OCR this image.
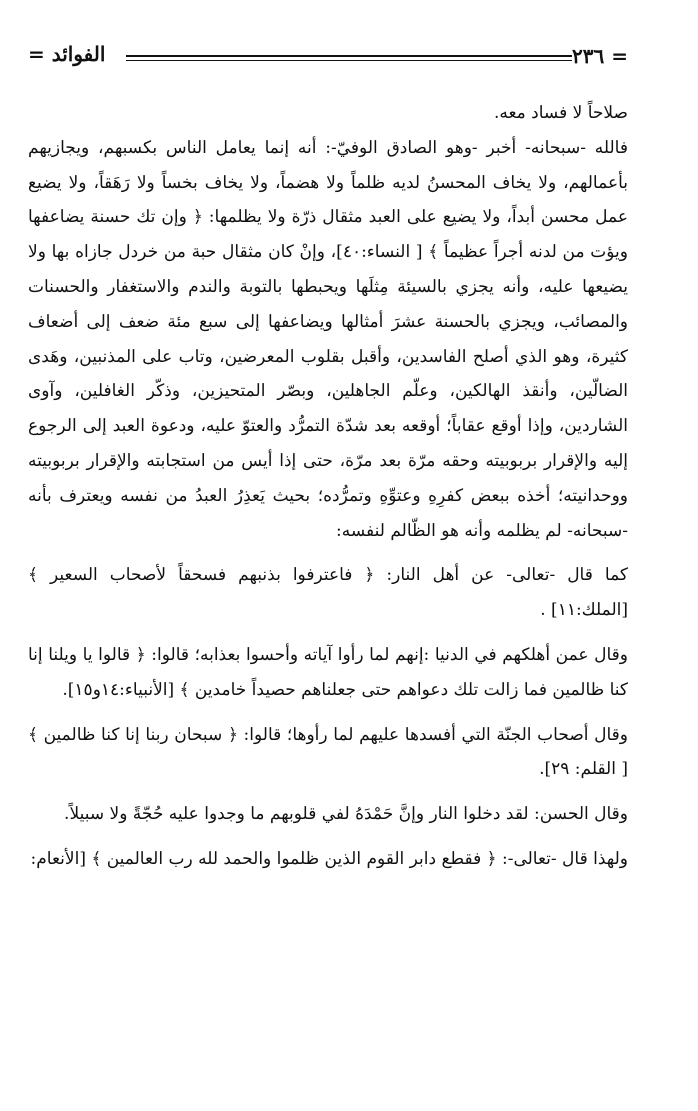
= ٢٣٦
الفوائد =

صلاحاً لا فساد معه.

فالله -سبحانه- أخبر -وهو الصادق الوفيّ-: أنه إنما يعامل الناس بكسبهم، ويجازيهم بأعمالهم، ولا يخاف المحسنُ لديه ظلماً ولا هضماً، ولا يخاف بخساً ولا رَهَقاً، ولا يضيع عمل محسن أبداً، ولا يضيع على العبد مثقال ذرّة ولا يظلمها: ﴿ وإن تك حسنة يضاعفها ويؤت من لدنه أجراً عظيماً ﴾ [ النساء:٤٠]، وإنْ كان مثقال حبة من خردل جازاه بها ولا يضيعها عليه، وأنه يجزي بالسيئة مِثلَها ويحبطها بالتوبة والندم والاستغفار والحسنات والمصائب، ويجزي بالحسنة عشرَ أمثالها ويضاعفها إلى سبع مئة ضعف إلى أضعاف كثيرة، وهو الذي أصلح الفاسدين، وأقبل بقلوب المعرضين، وتاب على المذنبين، وهَدى الضالّين، وأنقذ الهالكين، وعلّم الجاهلين، وبصّر المتحيزين، وذكّر الغافلين، وآوى الشاردين، وإذا أوقع عقاباً؛ أوقعه بعد شدّة التمرُّد والعتوّ عليه، ودعوة العبد إلى الرجوع إليه والإقرار بربوبيته وحقه مرّة بعد مرّة، حتى إذا أيس من استجابته والإقرار بربوبيته ووحدانيته؛ أخذه ببعض كفرِهِ وعتوِّهِ وتمرُّده؛ بحيث يَعذِرُ العبدُ من نفسه ويعترف بأنه -سبحانه- لم يظلمه وأنه هو الظّالم لنفسه:

كما قال -تعالى- عن أهل النار: ﴿ فاعترفوا بذنبهم فسحقاً لأصحاب السعير ﴾ [الملك:١١] .

وقال عمن أهلكهم في الدنيا :إنهم لما رأوا آياته وأحسوا بعذابه؛ قالوا: ﴿ قالوا يا ويلنا إنا كنا ظالمين فما زالت تلك دعواهم حتى جعلناهم حصيداً خامدين ﴾ [الأنبياء:١٤و١٥].

وقال أصحاب الجنّة التي أفسدها عليهم لما رأوها؛ قالوا: ﴿ سبحان ربنا إنا كنا ظالمين ﴾ [ القلم: ٢٩].

وقال الحسن: لقد دخلوا النار وإنَّ حَمْدَهُ لفي قلوبهم ما وجدوا عليه حُجّةً ولا سبيلاً.

ولهذا قال -تعالى-: ﴿ فقطع دابر القوم الذين ظلموا والحمد لله رب العالمين ﴾ [الأنعام:
